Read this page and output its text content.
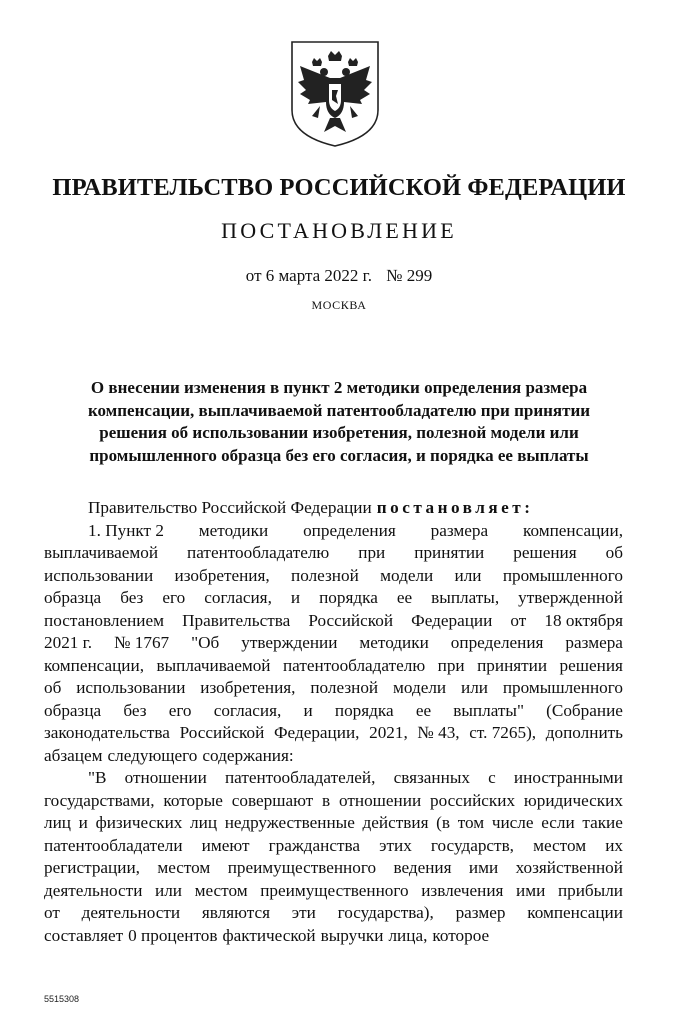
ПРАВИТЕЛЬСТВО РОССИЙСКОЙ ФЕДЕРАЦИИ
ПОСТАНОВЛЕНИЕ
от 6 марта 2022 г. № 299
МОСКВА
О внесении изменения в пункт 2 методики определения размера
компенсации, выплачиваемой патентообладателю при принятии
решения об использовании изобретения, полезной модели или
промышленного образца без его согласия, и порядка ее выплаты
Правительство Российской Федерации постановляет:
1. Пункт 2 методики определения размера компенсации,
выплачиваемой патентообладателю при принятии решения об
использовании изобретения, полезной модели или промышленного
образца без его согласия, и порядка ее выплаты, утвержденной
постановлением Правительства Российской Федерации от 18 октября
2021 г. № 1767 "Об утверждении методики определения размера
компенсации, выплачиваемой патентообладателю при принятии решения
об использовании изобретения, полезной модели или промышленного
образца без его согласия, и порядка ее выплаты" (Собрание
законодательства Российской Федерации, 2021, № 43, ст. 7265), дополнить
абзацем следующего содержания:
"В отношении патентообладателей, связанных с иностранными
государствами, которые совершают в отношении российских юридических
лиц и физических лиц недружественные действия (в том числе если такие
патентообладатели имеют гражданства этих государств, местом их
регистрации, местом преимущественного ведения ими хозяйственной
деятельности или местом преимущественного извлечения ими прибыли
от деятельности являются эти государства), размер компенсации
составляет 0 процентов фактической выручки лица, которое
5515308
